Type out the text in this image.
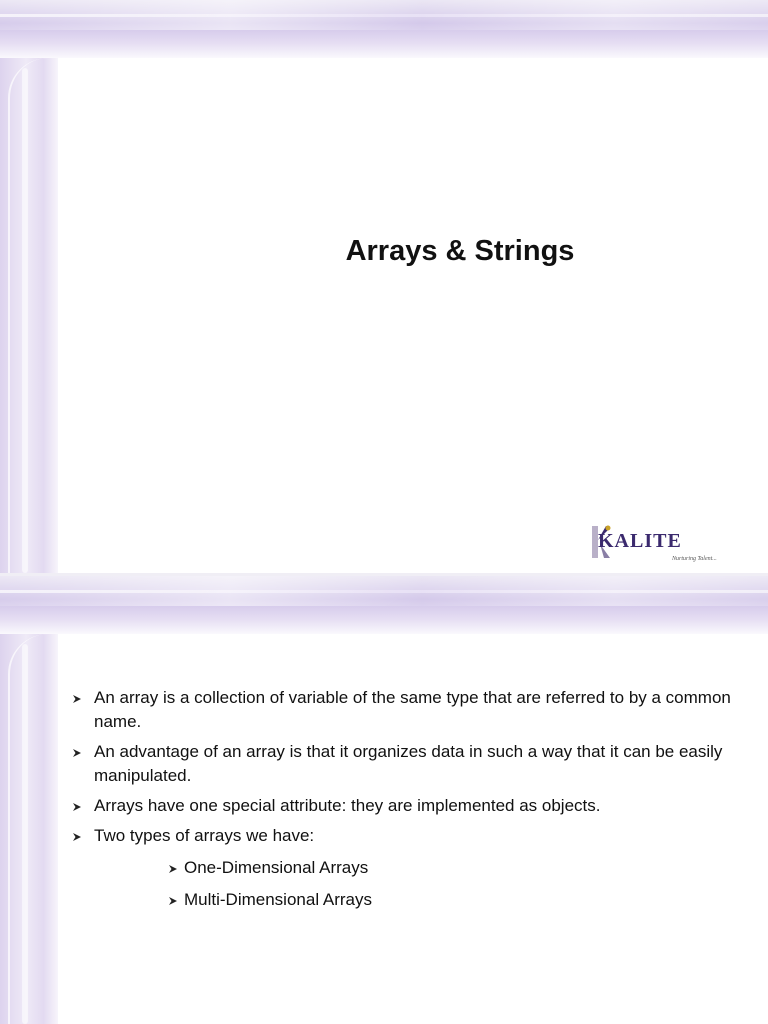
Arrays & Strings

KALITE

Nurturing Talent...

An array is a collection of variable of the same type that are referred to by a common name.
An advantage of an array is that it organizes data in such a way that it can be easily manipulated.
Arrays have one special attribute: they are implemented as objects.
Two types of arrays we have:
One-Dimensional Arrays
Multi-Dimensional Arrays
